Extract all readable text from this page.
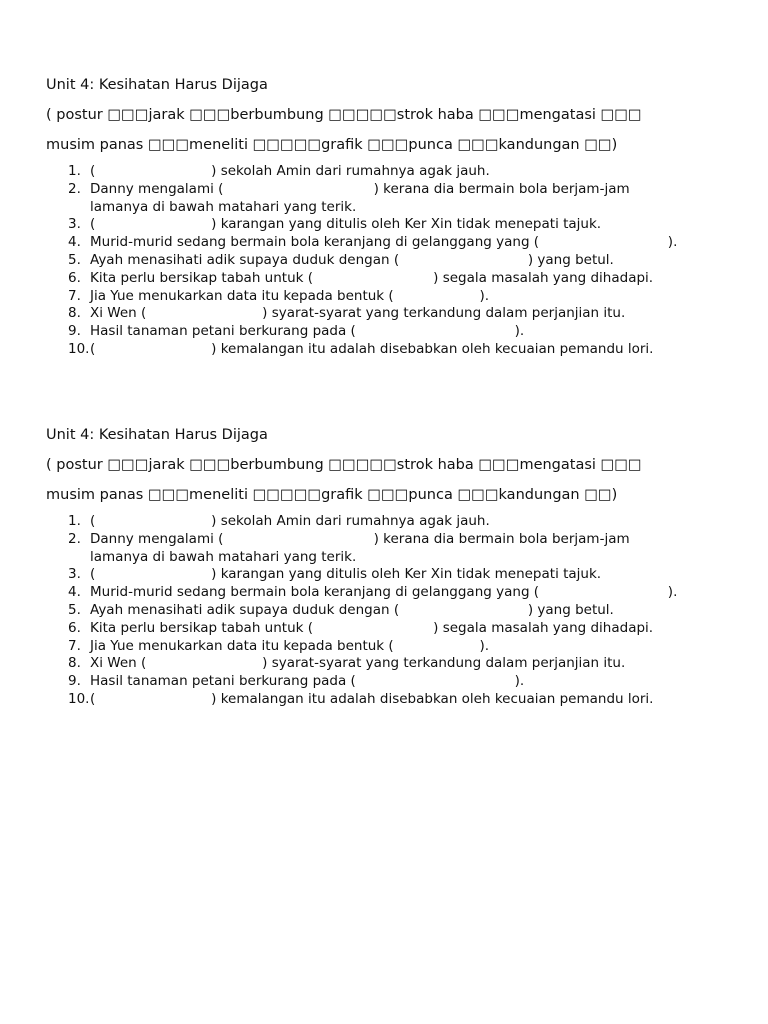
Unit 4: Kesihatan Harus Dijaga
( postur □□□jarak □□□berbumbung □□□□□strok haba □□□mengatasi □□□
musim panas □□□meneliti □□□□□grafik □□□punca □□□kandungan □□)
1. (                           ) sekolah Amin dari rumahnya agak jauh.
2. Danny mengalami (                                   ) kerana dia bermain bola berjam-jam
lamanya di bawah matahari yang terik.
3. (                           ) karangan yang ditulis oleh Ker Xin tidak menepati tajuk.
4. Murid-murid sedang bermain bola keranjang di gelanggang yang (                              ).
5. Ayah menasihati adik supaya duduk dengan (                              ) yang betul.
6. Kita perlu bersikap tabah untuk (                            ) segala masalah yang dihadapi.
7. Jia Yue menukarkan data itu kepada bentuk (                    ).
8. Xi Wen (                           ) syarat-syarat yang terkandung dalam perjanjian itu.
9. Hasil tanaman petani berkurang pada (                                     ).
10. (                           ) kemalangan itu adalah disebabkan oleh kecuaian pemandu lori.
Unit 4: Kesihatan Harus Dijaga
( postur □□□jarak □□□berbumbung □□□□□strok haba □□□mengatasi □□□
musim panas □□□meneliti □□□□□grafik □□□punca □□□kandungan □□)
1. (                           ) sekolah Amin dari rumahnya agak jauh.
2. Danny mengalami (                                   ) kerana dia bermain bola berjam-jam
lamanya di bawah matahari yang terik.
3. (                           ) karangan yang ditulis oleh Ker Xin tidak menepati tajuk.
4. Murid-murid sedang bermain bola keranjang di gelanggang yang (                              ).
5. Ayah menasihati adik supaya duduk dengan (                              ) yang betul.
6. Kita perlu bersikap tabah untuk (                            ) segala masalah yang dihadapi.
7. Jia Yue menukarkan data itu kepada bentuk (                    ).
8. Xi Wen (                           ) syarat-syarat yang terkandung dalam perjanjian itu.
9. Hasil tanaman petani berkurang pada (                                     ).
10. (                           ) kemalangan itu adalah disebabkan oleh kecuaian pemandu lori.
